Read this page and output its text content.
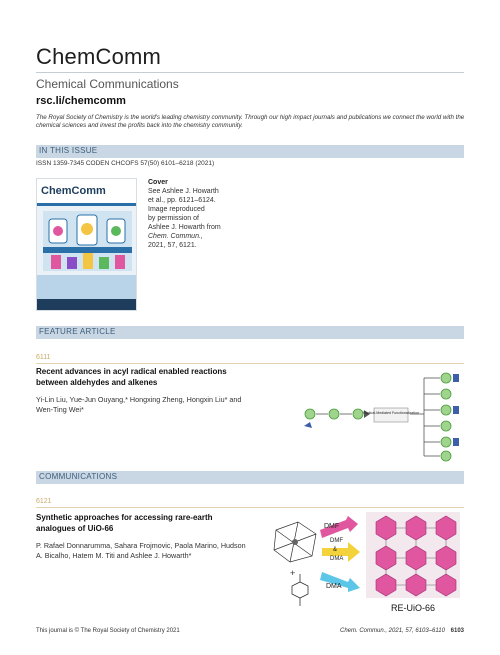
ChemComm
Chemical Communications
rsc.li/chemcomm
The Royal Society of Chemistry is the world's leading chemistry community. Through our high impact journals and publications we connect the world with the chemical sciences and invest the profits back into the chemistry community.
IN THIS ISSUE
ISSN 1359-7345 CODEN CHCOFS 57(50) 6101–6218 (2021)
ChemComm
Cover
See Ashlee J. Howarth
et al., pp. 6121–6124.
Image reproduced
by permission of
Ashlee J. Howarth from
Chem. Commun.,
2021, 57, 6121.
FEATURE ARTICLE
6111
Recent advances in acyl radical enabled reactions between aldehydes and alkenes
Yi-Lin Liu, Yue-Jun Ouyang,* Hongxing Zheng, Hongxin Liu* and Wen-Ting Wei*	Radical-Mediated Functionalization
COMMUNICATIONS
6121
Synthetic approaches for accessing rare-earth analogues of UiO-66
P. Rafael Donnarumma, Sahara Frojmovic, Paola Marino, Hudson A. Bicalho, Hatem M. Titi and Ashlee J. Howarth*
+
DMF
DMF
&
DMA
DMA
RE-UiO-66
This journal is © The Royal Society of Chemistry 2021	Chem. Commun., 2021, 57, 6103–6110 6103
